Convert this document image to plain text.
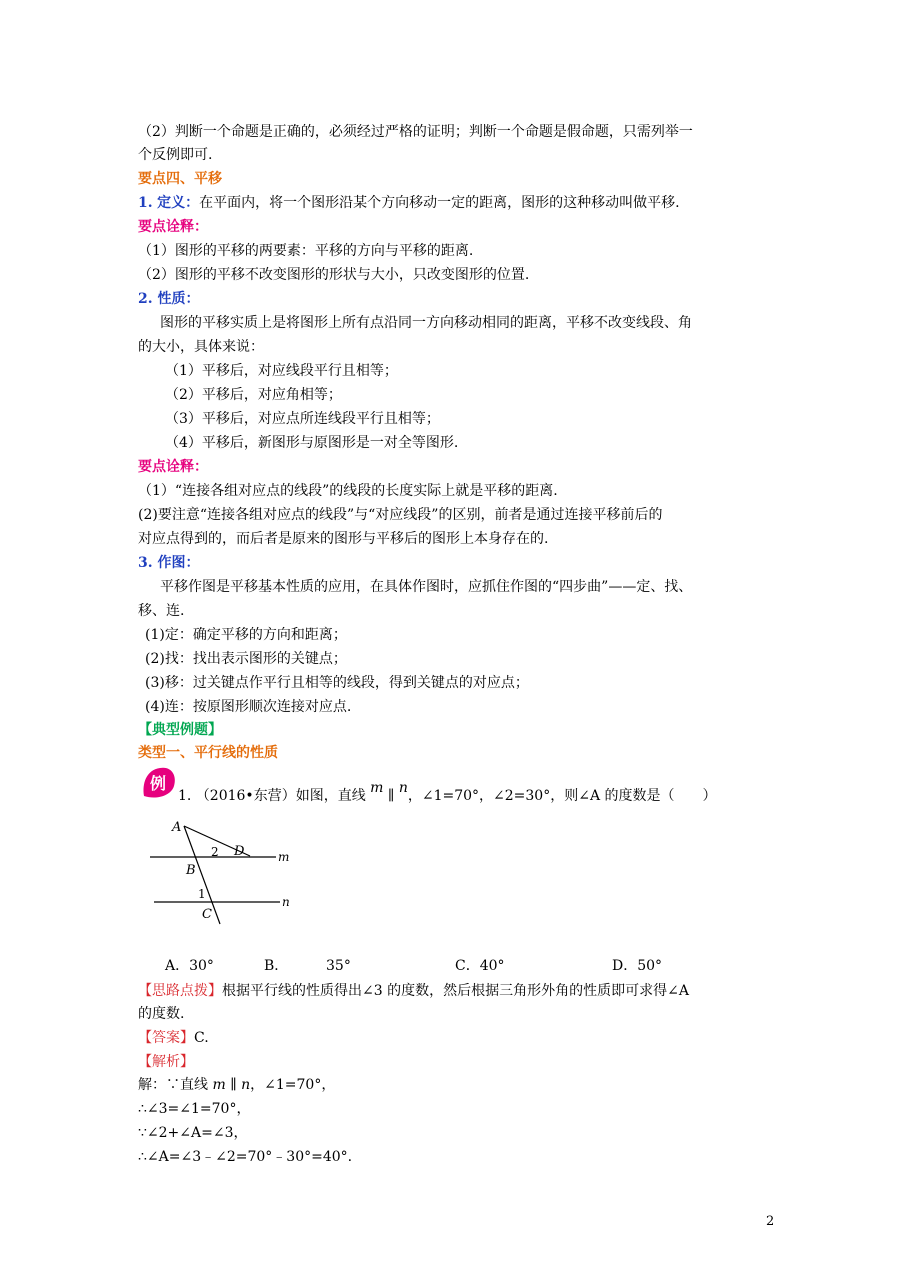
（2）判断一个命题是正确的，必须经过严格的证明；判断一个命题是假命题，只需列举一
个反例即可.
要点四、平移
1. 定义：在平面内，将一个图形沿某个方向移动一定的距离，图形的这种移动叫做平移.
要点诠释：
（1）图形的平移的两要素：平移的方向与平移的距离.
（2）图形的平移不改变图形的形状与大小，只改变图形的位置.
2. 性质：
图形的平移实质上是将图形上所有点沿同一方向移动相同的距离，平移不改变线段、角
的大小，具体来说：
（1）平移后，对应线段平行且相等；
（2）平移后，对应角相等；
（3）平移后，对应点所连线段平行且相等；
（4）平移后，新图形与原图形是一对全等图形.
要点诠释：
（1）“连接各组对应点的线段”的线段的长度实际上就是平移的距离.
(2)要注意“连接各组对应点的线段”与“对应线段”的区别，前者是通过连接平移前后的
对应点得到的，而后者是原来的图形与平移后的图形上本身存在的.
3. 作图：
平移作图是平移基本性质的应用，在具体作图时，应抓住作图的“四步曲”——定、找、
移、连.
(1)定：确定平移的方向和距离；
(2)找：找出表示图形的关键点；
(3)移：过关键点作平行且相等的线段，得到关键点的对应点；
(4)连：按原图形顺次连接对应点.
【典型例题】
类型一、平行线的性质
例
1. （2016•东营）如图，直线 m ∥ n，∠1=70°，∠2=30°，则∠A 的度数是（　　）
A
D
2
B
m
1
C
n
A．30°	B．	35°	C．40°	D．50°
【思路点拨】根据平行线的性质得出∠3 的度数，然后根据三角形外角的性质即可求得∠A
的度数.
【答案】C.
【解析】
解：∵直线 m ∥ n，∠1=70°，
∴∠3=∠1=70°，
∵∠2+∠A=∠3，
∴∠A=∠3﹣∠2=70°﹣30°=40°.
2
